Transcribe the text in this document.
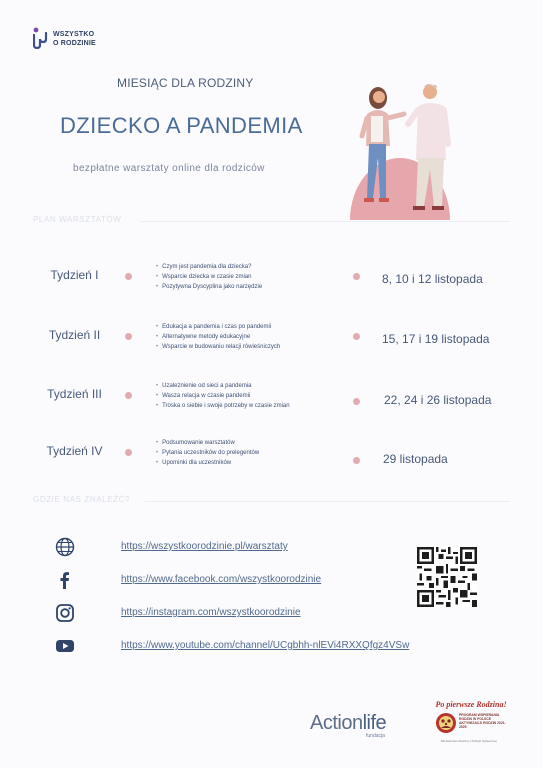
WSZYSTKO
O RODZINIE
MIESIĄC DLA RODZINY
DZIECKO A PANDEMIA
bezpłatne warsztaty online dla rodziców
PLAN WARSZTATÓW
Tydzień I
• Czym jest pandemia dla dziecka?
• Wsparcie dziecka w czasie zmian
• Pozytywna Dyscyplina jako narzędzie
8, 10 i 12 listopada
Tydzień II
• Edukacja a pandemia i czas po pandemii
• Alternatywne metody edukacyjne
• Wsparcie w budowaniu relacji rówieśniczych
15, 17 i 19 listopada
Tydzień III
• Uzależnienie od sieci a pandemia
• Wasza relacja w czasie pandemii
• Troska o siebie i swoje potrzeby w czasie zmian	22, 24 i 26 listopada
Tydzień IV
• Podsumowanie warsztatów
• Pytania uczestników do prelegentów
• Upominki dla uczestników	29 listopada
GDZIE NAS ZNALEŹĆ?
https://wszystkoorodzinie.pl/warsztaty
https://www.facebook.com/wszystkoorodzinie
https://instagram.com/wszystkoorodzinie
https://www.youtube.com/channel/UCgbhh-nlEVi4RXXQfgz4VSw
Actionlife
fundacja
Po pierwsze Rodzina!
PROGRAM WSPIERANIA RODZIN W POLSCE AKTYWIZACJI RODZIN 2021-2025
Ministerstwo Rodziny i Polityki Społecznej
